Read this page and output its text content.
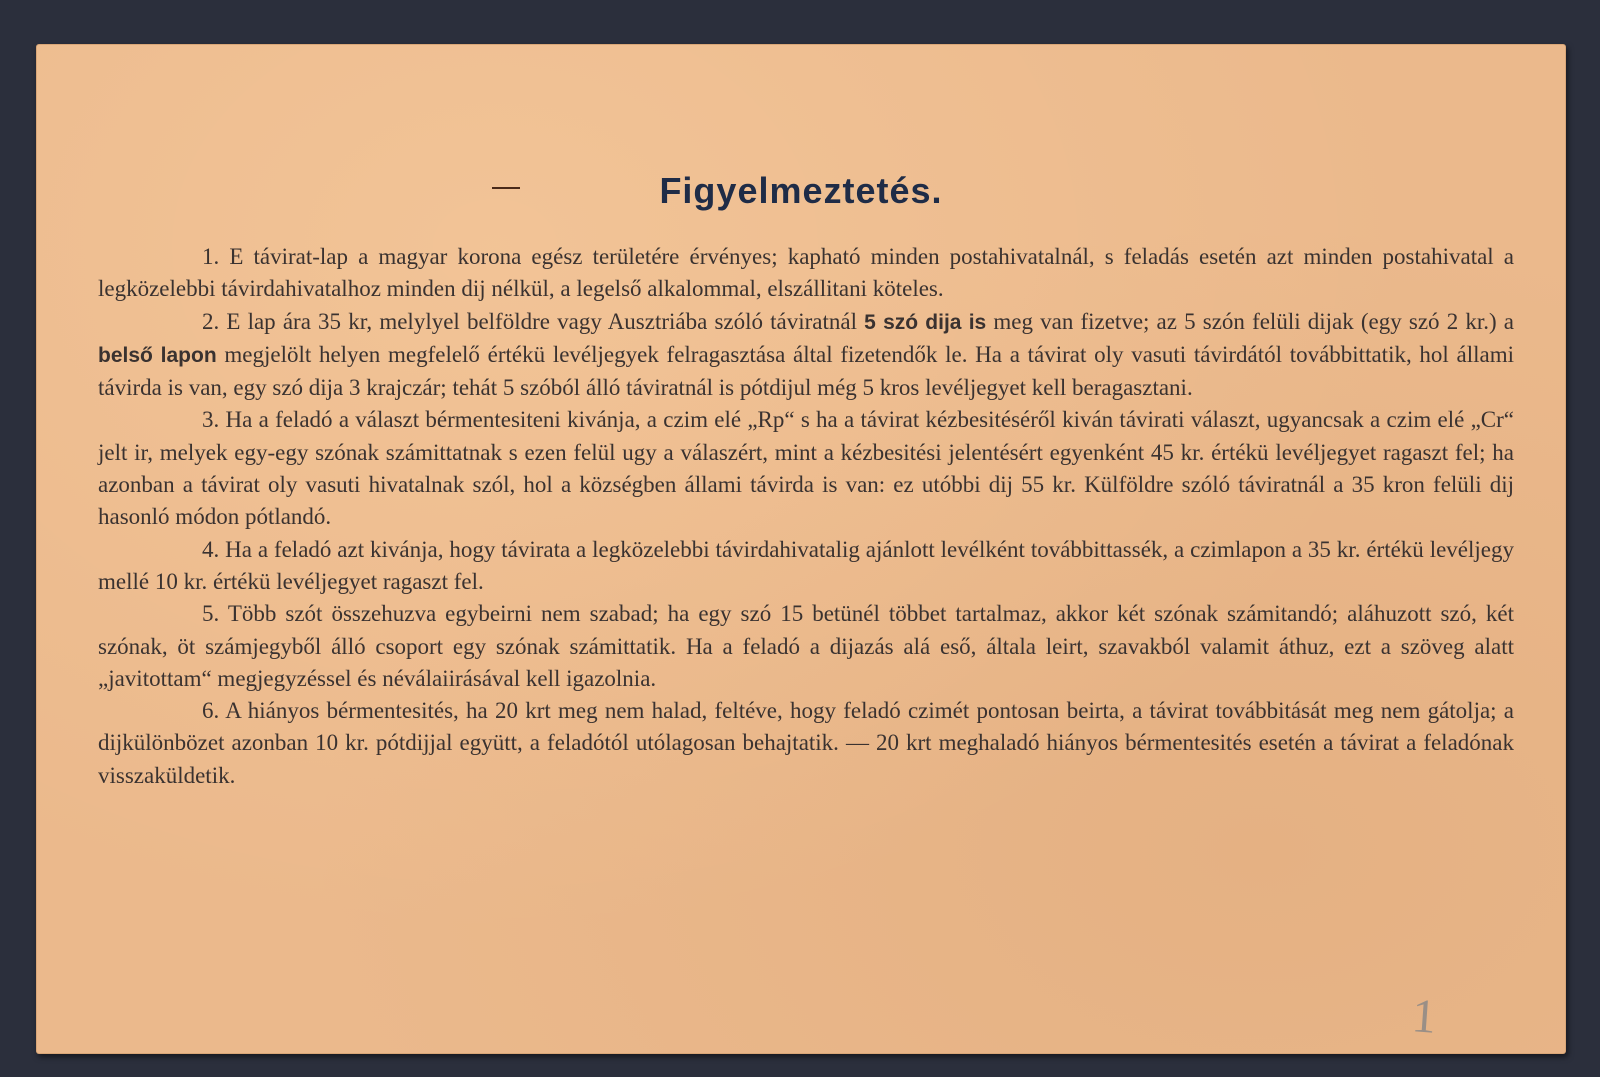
Figyelmeztetés.

1. E távirat-lap a magyar korona egész területére érvényes; kapható minden postahivatalnál, s feladás esetén azt minden postahivatal a legközelebbi távirdahivatalhoz minden dij nélkül, a legelső alkalommal, elszállitani köteles.

2. E lap ára 35 kr, melylyel belföldre vagy Ausztriába szóló táviratnál 5 szó dija is meg van fizetve; az 5 szón felüli dijak (egy szó 2 kr.) a belső lapon megjelölt helyen megfelelő értékü levéljegyek felragasztása által fizetendők le. Ha a távirat oly vasuti távirdától továbbittatik, hol állami távirda is van, egy szó dija 3 krajczár; tehát 5 szóból álló táviratnál is pótdijul még 5 kros levéljegyet kell beragasztani.

3. Ha a feladó a választ bérmentesiteni kivánja, a czim elé „Rp“ s ha a távirat kézbesitéséről kiván távirati választ, ugyancsak a czim elé „Cr“ jelt ir, melyek egy-egy szónak számittatnak s ezen felül ugy a válaszért, mint a kézbesitési jelentésért egyenként 45 kr. értékü levéljegyet ragaszt fel; ha azonban a távirat oly vasuti hivatalnak szól, hol a községben állami távirda is van: ez utóbbi dij 55 kr. Külföldre szóló táviratnál a 35 kron felüli dij hasonló módon pótlandó.

4. Ha a feladó azt kivánja, hogy távirata a legközelebbi távirdahivatalig ajánlott levélként továbbittassék, a czimlapon a 35 kr. értékü levéljegy mellé 10 kr. értékü levéljegyet ragaszt fel.

5. Több szót összehuzva egybeirni nem szabad; ha egy szó 15 betünél többet tartalmaz, akkor két szónak számitandó; aláhuzott szó, két szónak, öt számjegyből álló csoport egy szónak számittatik. Ha a feladó a dijazás alá eső, általa leirt, szavakból valamit áthuz, ezt a szöveg alatt „javitottam“ megjegyzéssel és néválaiirásával kell igazolnia.

6. A hiányos bérmentesités, ha 20 krt meg nem halad, feltéve, hogy feladó czimét pontosan beirta, a távirat továbbitását meg nem gátolja; a dijkülönbözet azonban 10 kr. pótdijjal együtt, a feladótól utólagosan behajtatik. — 20 krt meghaladó hiányos bérmentesités esetén a távirat a feladónak visszaküldetik.

1
